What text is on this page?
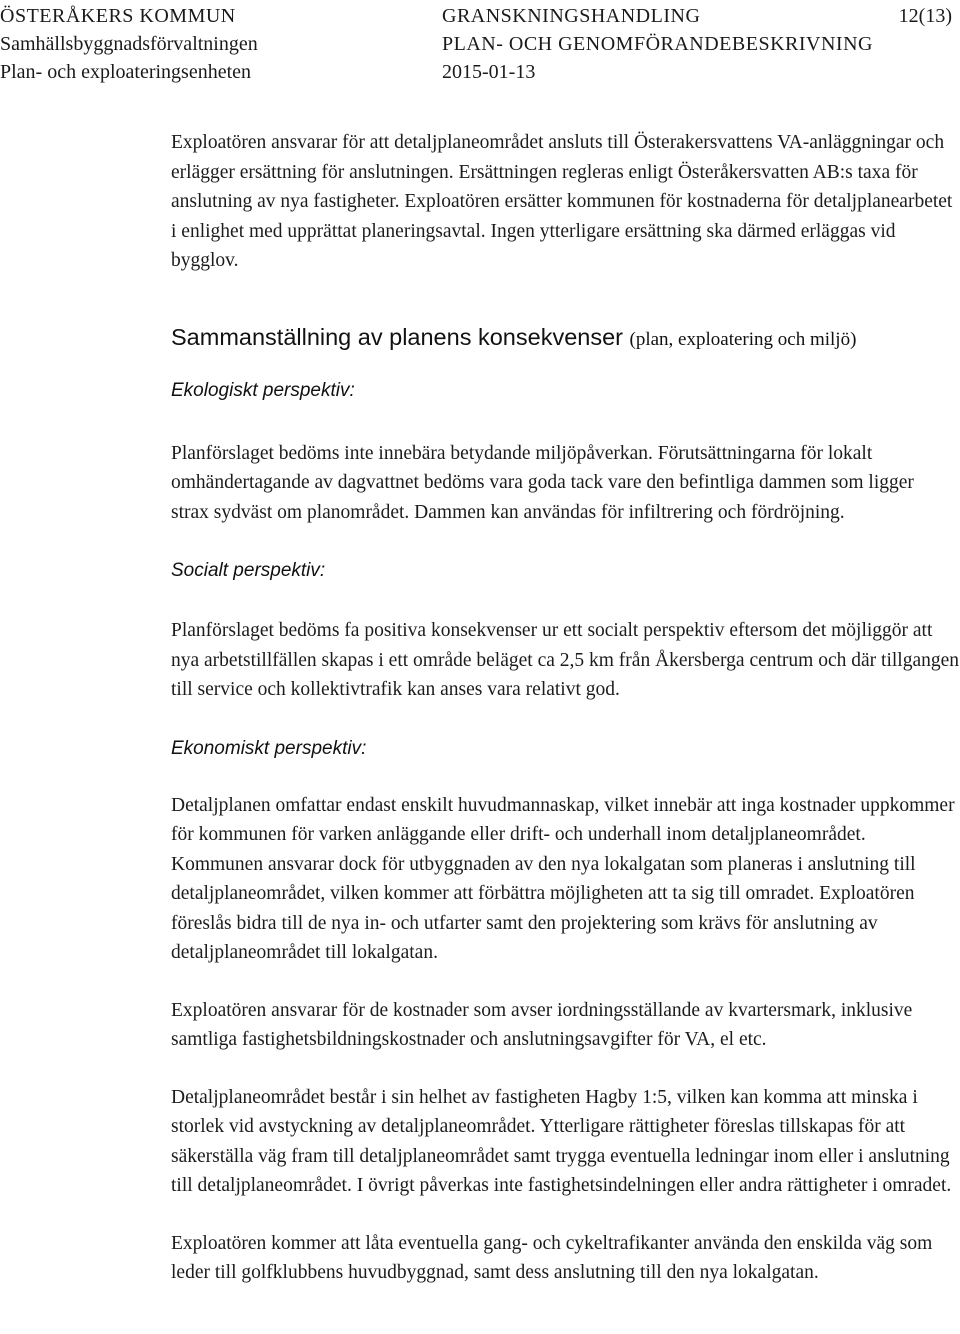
ÖSTERÅKERS KOMMUN
Samhällsbyggnadsförvaltningen
Plan- och exploateringsenheten
GRANSKNINGSHANDLING
PLAN- OCH GENOMFÖRANDEBESKRIVNING
2015-01-13
12(13)

Exploatören ansvarar för att detaljplaneområdet ansluts till Österakersvattens VA-anläggningar och erlägger ersättning för anslutningen. Ersättningen regleras enligt Österåkersvatten AB:s taxa för anslutning av nya fastigheter. Exploatören ersätter kommunen för kostnaderna för detaljplanearbetet i enlighet med upprättat planeringsavtal. Ingen ytterligare ersättning ska därmed erläggas vid bygglov.

Sammanställning av planens konsekvenser (plan, exploatering och miljö)
Ekologiskt perspektiv:

Planförslaget bedöms inte innebära betydande miljöpåverkan. Förutsättningarna för lokalt omhändertagande av dagvattnet bedöms vara goda tack vare den befintliga dammen som ligger strax sydväst om planområdet. Dammen kan användas för infiltrering och fördröjning.

Socialt perspektiv:

Planförslaget bedöms fa positiva konsekvenser ur ett socialt perspektiv eftersom det möjliggör att nya arbetstillfällen skapas i ett område beläget ca 2,5 km från Åkersberga centrum och där tillgangen till service och kollektivtrafik kan anses vara relativt god.

Ekonomiskt perspektiv:

Detaljplanen omfattar endast enskilt huvudmannaskap, vilket innebär att inga kostnader uppkommer för kommunen för varken anläggande eller drift- och underhall inom detaljplaneområdet. Kommunen ansvarar dock för utbyggnaden av den nya lokalgatan som planeras i anslutning till detaljplaneområdet, vilken kommer att förbättra möjligheten att ta sig till omradet. Exploatören föreslås bidra till de nya in- och utfarter samt den projektering som krävs för anslutning av detaljplaneområdet till lokalgatan.

Exploatören ansvarar för de kostnader som avser iordningsställande av kvartersmark, inklusive samtliga fastighetsbildningskostnader och anslutningsavgifter för VA, el etc.

Detaljplaneområdet består i sin helhet av fastigheten Hagby 1:5, vilken kan komma att minska i storlek vid avstyckning av detaljplaneområdet. Ytterligare rättigheter föreslas tillskapas för att säkerställa väg fram till detaljplaneområdet samt trygga eventuella ledningar inom eller i anslutning till detaljplaneområdet. I övrigt påverkas inte fastighetsindelningen eller andra rättigheter i omradet.

Exploatören kommer att låta eventuella gang- och cykeltrafikanter använda den enskilda väg som leder till golfklubbens huvudbyggnad, samt dess anslutning till den nya lokalgatan.
